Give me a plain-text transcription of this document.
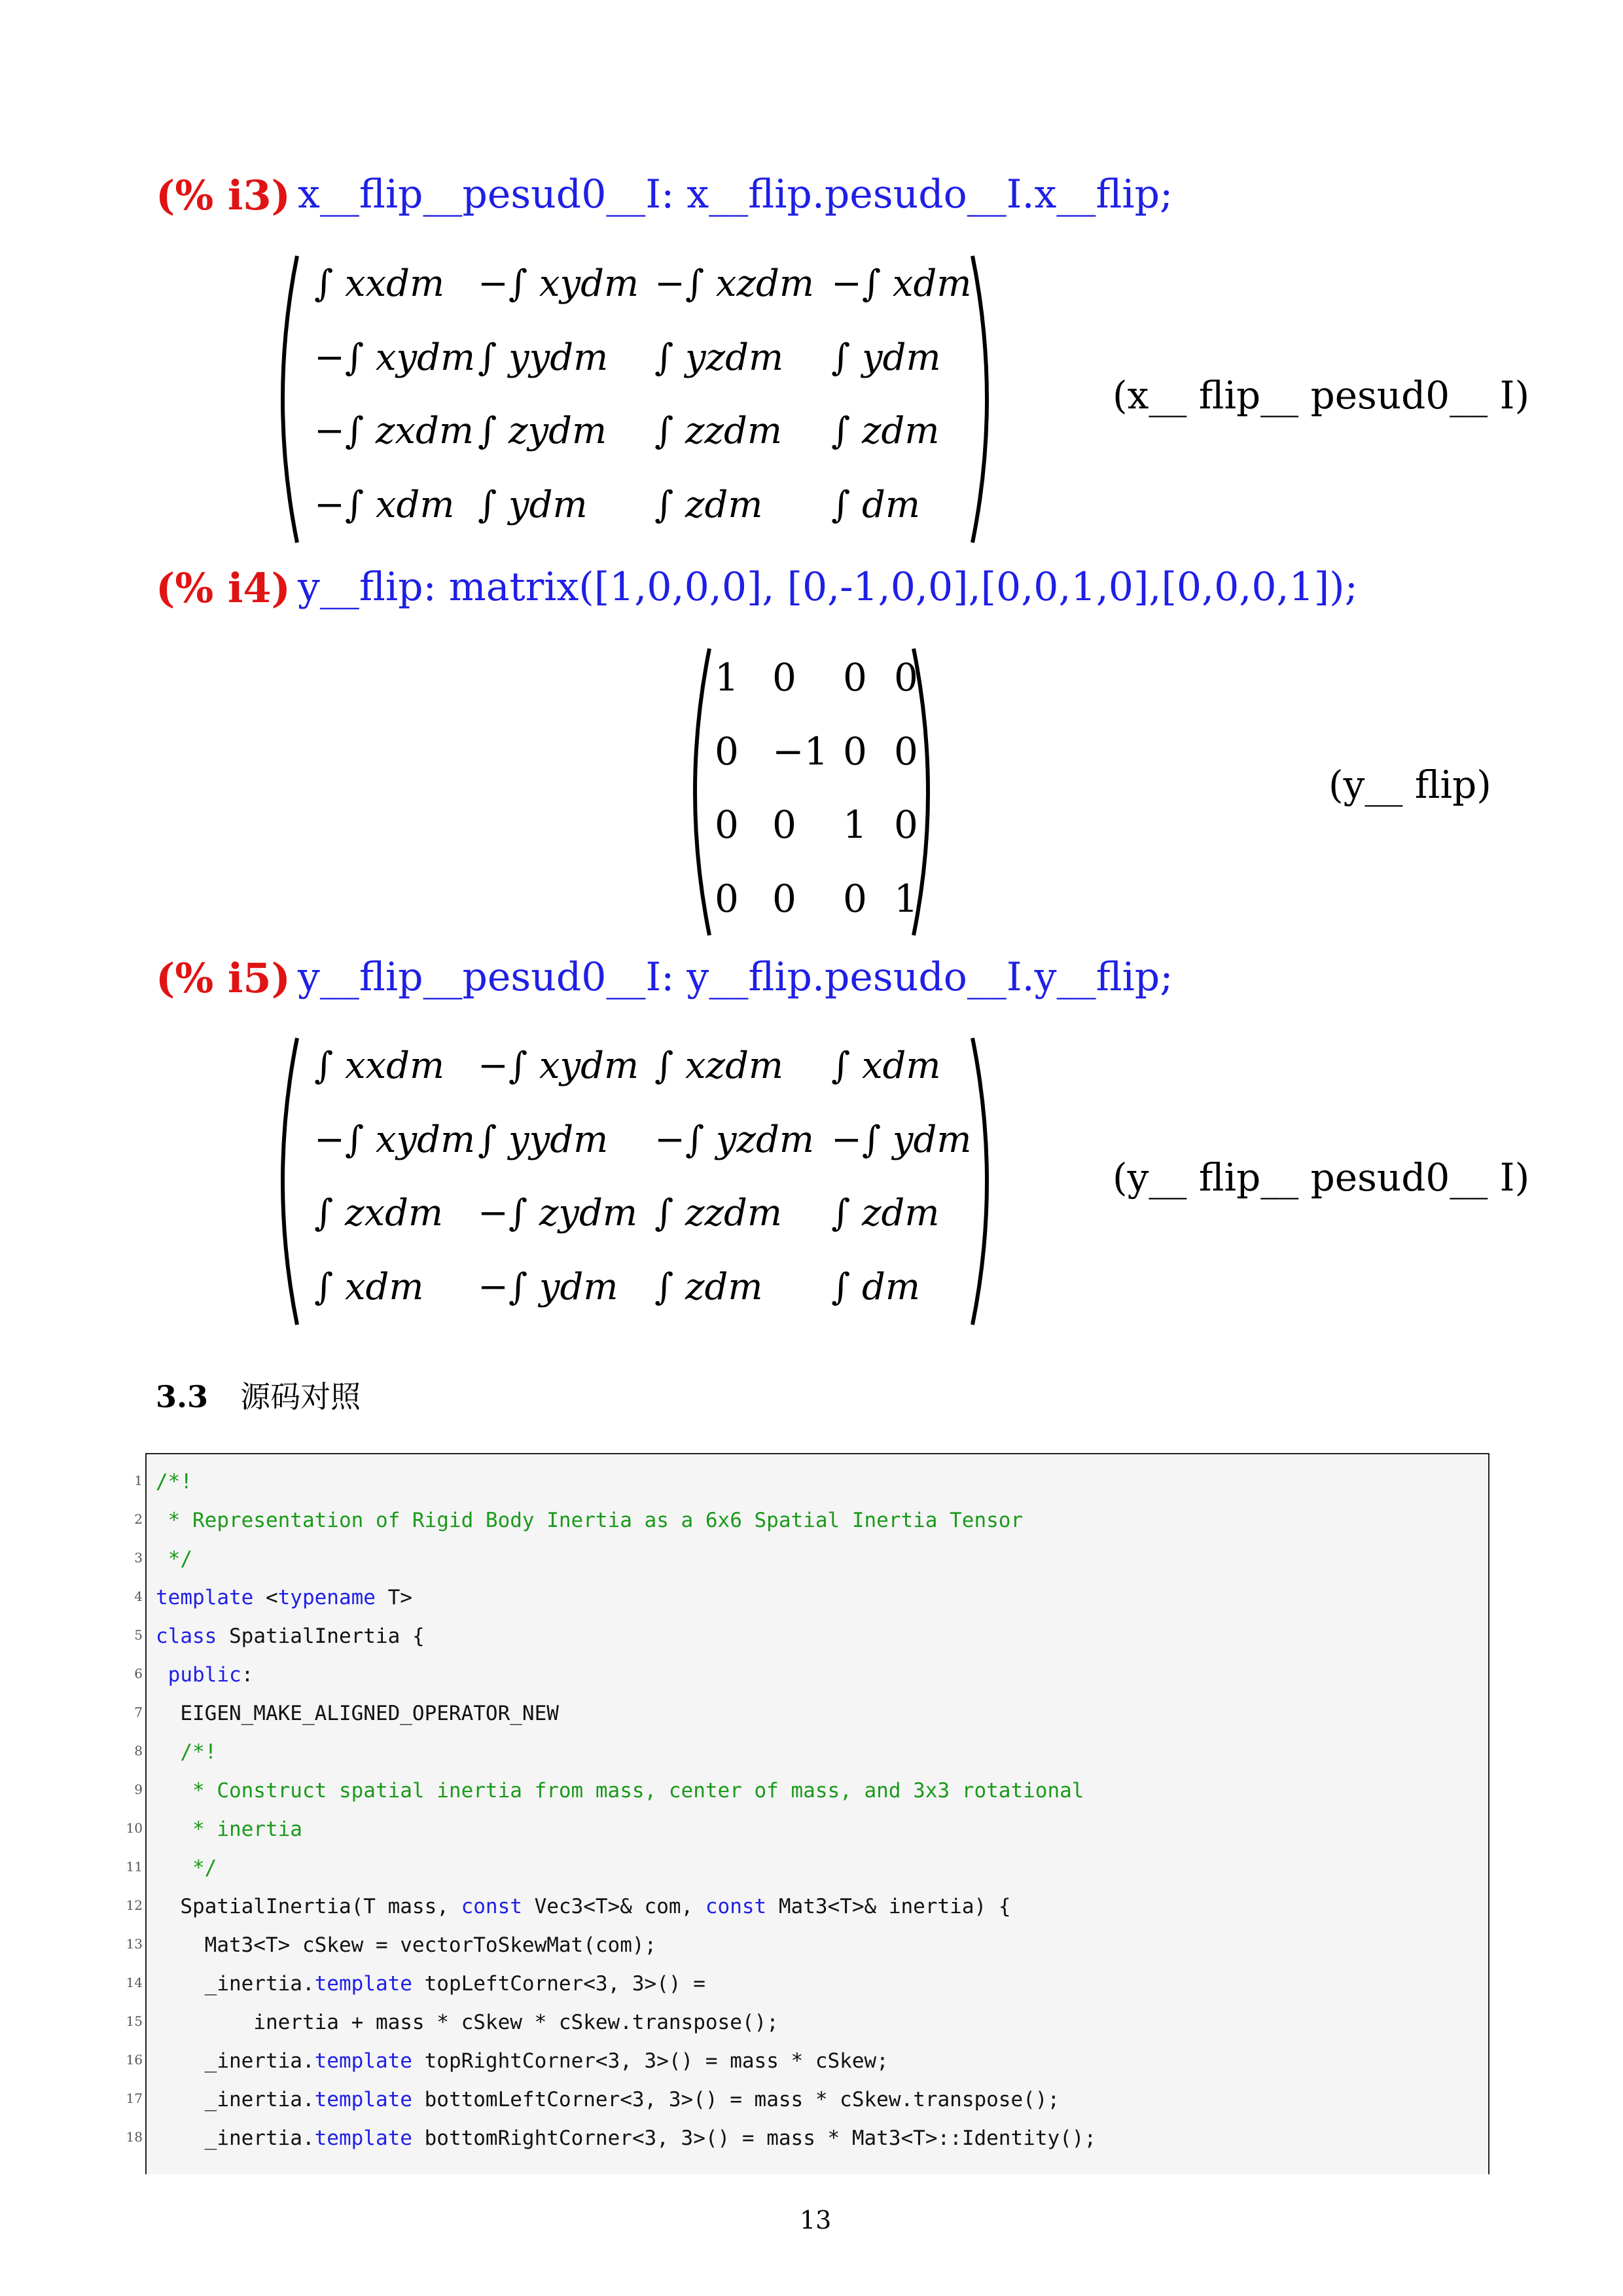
(% i3) x__flip__pesud0__I: x__flip.pesudo__I.x__flip;
∫ xxdm −∫ xydm −∫ xzdm −∫ xdm
−∫ xydm ∫ yydm ∫ yzdm ∫ ydm
−∫ zxdm ∫ zydm ∫ zzdm ∫ zdm
−∫ xdm ∫ ydm ∫ zdm ∫ dm
(x__ flip__ pesud0__ I)
(% i4) y__flip: matrix([1,0,0,0], [0,-1,0,0],[0,0,1,0],[0,0,0,1]);
1 0 0 0
0 −1 0 0
0 0 1 0
0 0 0 1
(y__ flip)
(% i5) y__flip__pesud0__I: y__flip.pesudo__I.y__flip;
∫ xxdm −∫ xydm ∫ xzdm ∫ xdm
−∫ xydm ∫ yydm −∫ yzdm −∫ ydm
∫ zxdm −∫ zydm ∫ zzdm ∫ zdm
∫ xdm −∫ ydm ∫ zdm ∫ dm
(y__ flip__ pesud0__ I)
3.3 源码对照
1 /*!
2 * Representation of Rigid Body Inertia as a 6x6 Spatial Inertia Tensor
3 */
4 template <typename T>
5 class SpatialInertia {
6 public:
7 EIGEN_MAKE_ALIGNED_OPERATOR_NEW
8 /*!
9 * Construct spatial inertia from mass, center of mass, and 3x3 rotational
10 * inertia
11 */
12 SpatialInertia(T mass, const Vec3<T>& com, const Mat3<T>& inertia) {
13 Mat3<T> cSkew = vectorToSkewMat(com);
14 _inertia.template topLeftCorner<3, 3>() =
15 inertia + mass * cSkew * cSkew.transpose();
16 _inertia.template topRightCorner<3, 3>() = mass * cSkew;
17 _inertia.template bottomLeftCorner<3, 3>() = mass * cSkew.transpose();
18 _inertia.template bottomRightCorner<3, 3>() = mass * Mat3<T>::Identity();
13
